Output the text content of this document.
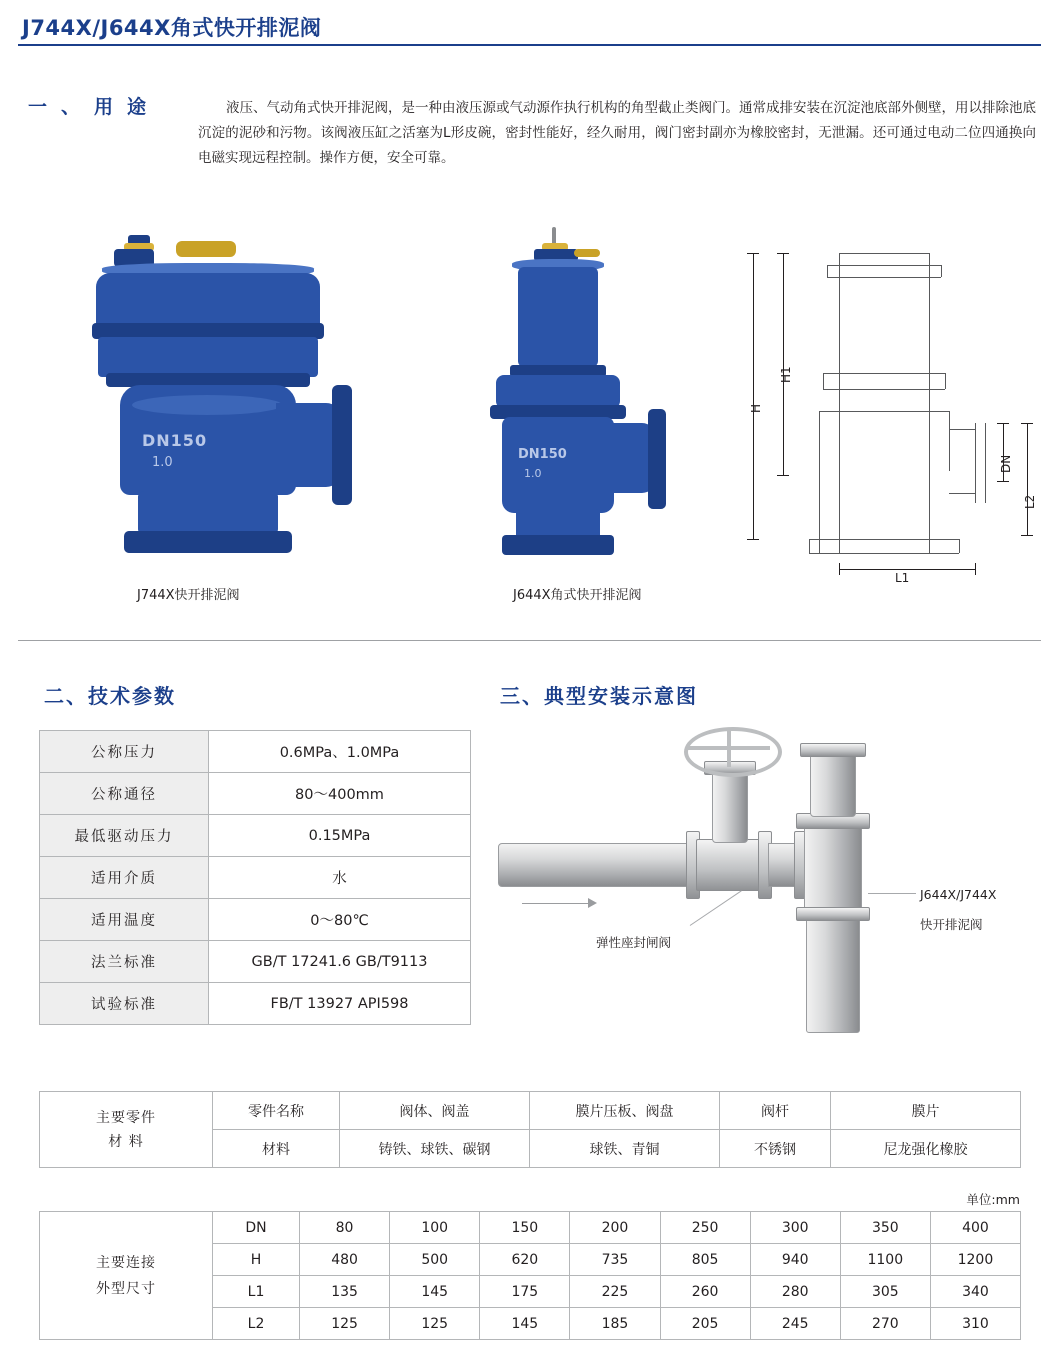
J744X/J644X角式快开排泥阀
一、用途	液压、气动角式快开排泥阀，是一种由液压源或气动源作执行机构的角型截止类阀门。通常成排安装在沉淀池底部外侧壁，用以排除池底沉淀的泥砂和污物。该阀液压缸之活塞为L形皮碗，密封性能好，经久耐用，阀门密封副亦为橡胶密封，无泄漏。还可通过电动二位四通换向电磁实现远程控制。操作方便，安全可靠。
DN150
1.0
DN150
1.0
H
H1
DN
L2
L1
J744X快开排泥阀	J644X角式快开排泥阀
二、技术参数	三、典型安装示意图
公称压力	0.6MPa、1.0MPa
公称通径	80～400mm
最低驱动压力	0.15MPa
适用介质	水
适用温度	0～80℃
法兰标准	GB/T 17241.6 GB/T9113
试验标准	FB/T 13927 API598
弹性座封闸阀
J644X/J744X
快开排泥阀
主要零件
材 料	零件名称	阀体、阀盖	膜片压板、阀盘	阀杆	膜片
	材料	铸铁、球铁、碳钢	球铁、青铜	不锈钢	尼龙强化橡胶
单位:mm
主要连接
外型尺寸	DN	80	100	150	200	250	300	350	400
	H	480	500	620	735	805	940	1100	1200
	L1	135	145	175	225	260	280	305	340
	L2	125	125	145	185	205	245	270	310
